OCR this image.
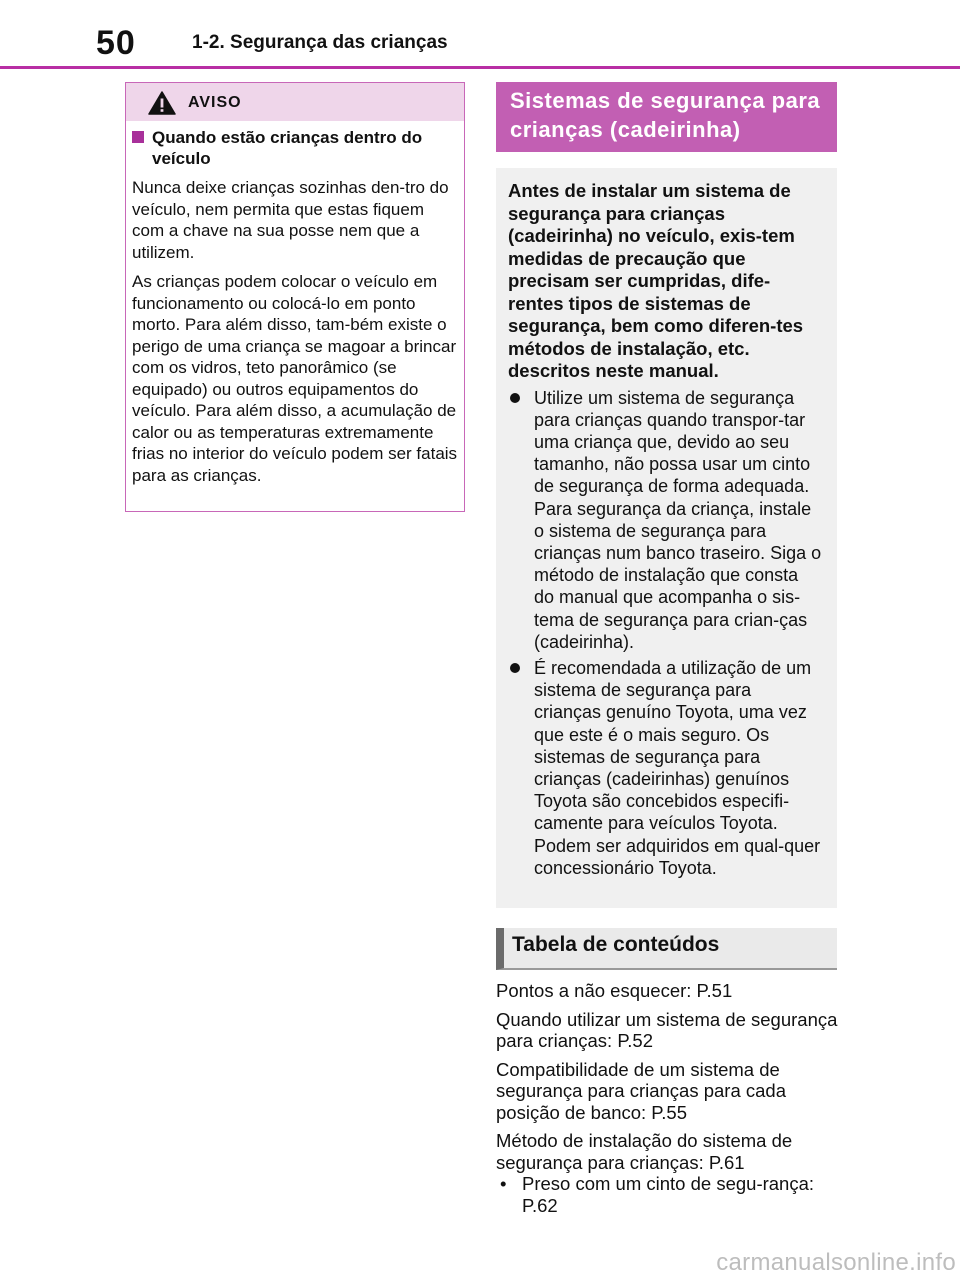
50	1-2. Segurança das crianças
AVISO
Quando estão crianças dentro do veículo

Nunca deixe crianças sozinhas den-tro do veículo, nem permita que estas fiquem com a chave na sua posse nem que a utilizem.

As crianças podem colocar o veículo em funcionamento ou colocá-lo em ponto morto. Para além disso, tam-bém existe o perigo de uma criança se magoar a brincar com os vidros, teto panorâmico (se equipado) ou outros equipamentos do veículo. Para além disso, a acumulação de calor ou as temperaturas extremamente frias no interior do veículo podem ser fatais para as crianças.

Sistemas de segurança para crianças (cadeirinha)

Antes de instalar um sistema de segurança para crianças (cadeirinha) no veículo, exis-tem medidas de precaução que precisam ser cumpridas, dife-rentes tipos de sistemas de segurança, bem como diferen-tes métodos de instalação, etc. descritos neste manual.

Utilize um sistema de segurança para crianças quando transpor-tar uma criança que, devido ao seu tamanho, não possa usar um cinto de segurança de forma adequada. Para segurança da criança, instale o sistema de segurança para crianças num banco traseiro. Siga o método de instalação que consta do manual que acompanha o sis-tema de segurança para crian-ças (cadeirinha).
É recomendada a utilização de um sistema de segurança para crianças genuíno Toyota, uma vez que este é o mais seguro. Os sistemas de segurança para crianças (cadeirinhas) genuínos Toyota são concebidos especifi-camente para veículos Toyota. Podem ser adquiridos em qual-quer concessionário Toyota.
Tabela de conteúdos
Pontos a não esquecer: P.51
Quando utilizar um sistema de segurança para crianças: P.52
Compatibilidade de um sistema de segurança para crianças para cada posição de banco: P.55
Método de instalação do sistema de segurança para crianças: P.61
• Preso com um cinto de segu-rança: P.62
carmanualsonline.info
